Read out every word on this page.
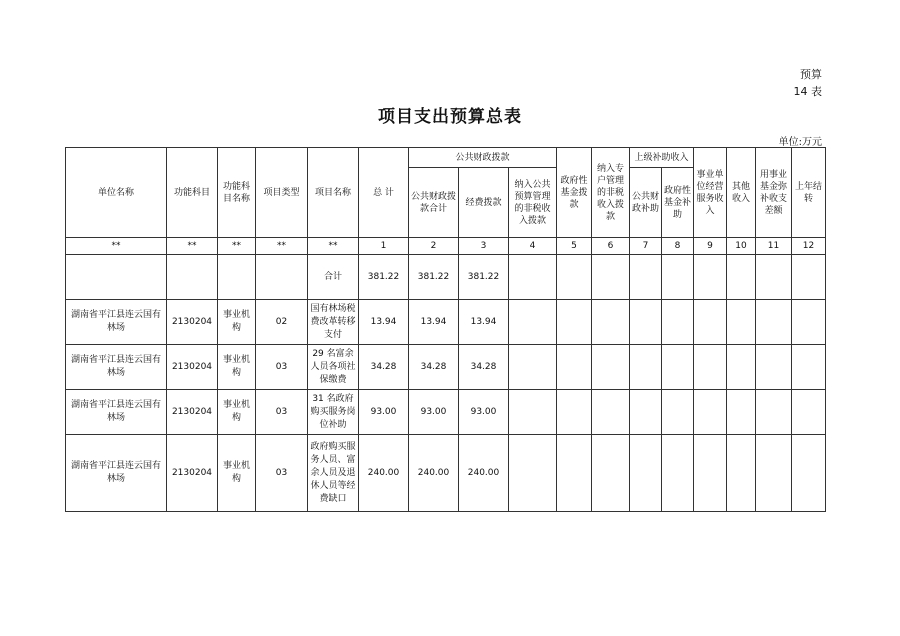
预算
14 表
项目支出预算总表
单位:万元
单位名称	功能科目	功能科目名称	项目类型	项目名称	总 计	公共财政拨款			政府性基金拨款	纳入专户管理的非税收入拨款	上级补助收入		事业单位经营服务收入	其他收入	用事业基金弥补收支差额	上年结转
						公共财政拨款合计	经费拨款	纳入公共预算管理的非税收入拨款			公共财政补助	政府性基金补助				
**	**	**	**	**	1	2	3	4	5	6	7	8	9	10	11	12
				合计	381.22	381.22	381.22									
湖南省平江县连云国有林场	2130204	事业机构	02	国有林场税费改革转移支付	13.94	13.94	13.94									
湖南省平江县连云国有林场	2130204	事业机构	03	29 名富余人员各项社保缴费	34.28	34.28	34.28									
湖南省平江县连云国有林场	2130204	事业机构	03	31 名政府购买服务岗位补助	93.00	93.00	93.00									
湖南省平江县连云国有林场	2130204	事业机构	03	政府购买服务人员、富余人员及退休人员等经费缺口	240.00	240.00	240.00									
